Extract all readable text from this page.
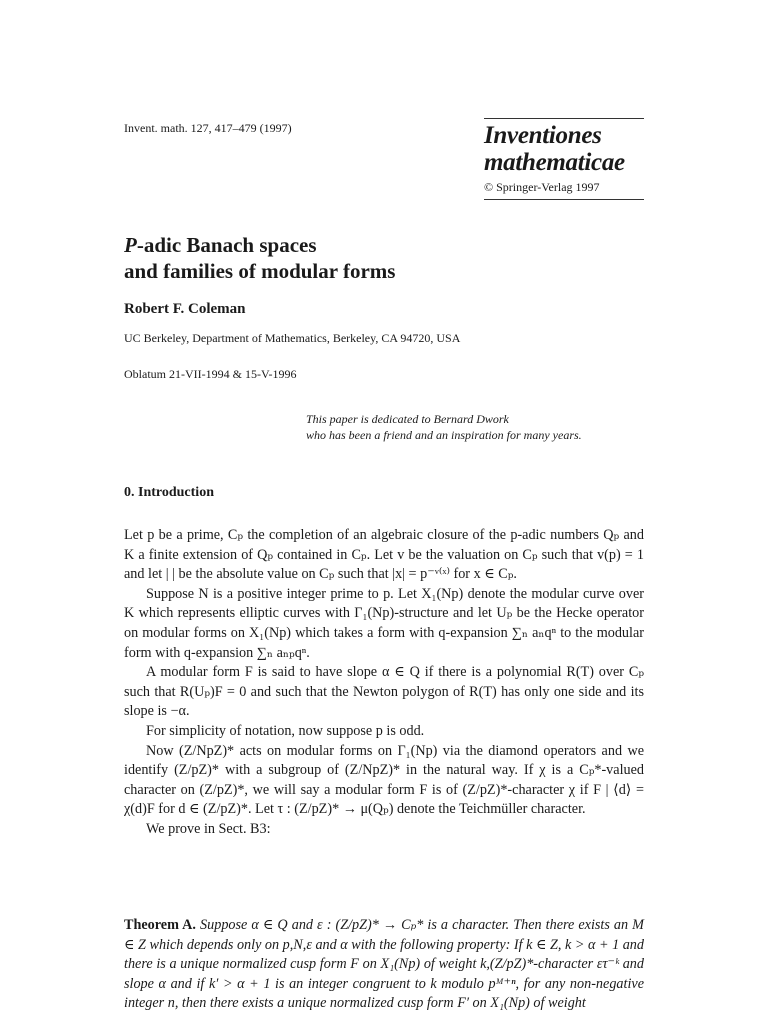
Invent. math. 127, 417–479 (1997)	Inventiones
mathematicae
© Springer-Verlag 1997
P-adic Banach spaces
and families of modular forms
Robert F. Coleman
UC Berkeley, Department of Mathematics, Berkeley, CA 94720, USA
Oblatum 21-VII-1994 & 15-V-1996
This paper is dedicated to Bernard Dwork
who has been a friend and an inspiration for many years.
0. Introduction

Let p be a prime, Cₚ the completion of an algebraic closure of the p-adic numbers Qₚ and K a finite extension of Qₚ contained in Cₚ. Let v be the valuation on Cₚ such that v(p) = 1 and let | | be the absolute value on Cₚ such that |x| = p⁻ᵛ⁽ˣ⁾ for x ∈ Cₚ.

Suppose N is a positive integer prime to p. Let X₁(Np) denote the modular curve over K which represents elliptic curves with Γ₁(Np)-structure and let Uₚ be the Hecke operator on modular forms on X₁(Np) which takes a form with q-expansion ∑ₙ aₙqⁿ to the modular form with q-expansion ∑ₙ aₙₚqⁿ.

A modular form F is said to have slope α ∈ Q if there is a polynomial R(T) over Cₚ such that R(Uₚ)F = 0 and such that the Newton polygon of R(T) has only one side and its slope is −α.

For simplicity of notation, now suppose p is odd.

Now (Z/NpZ)* acts on modular forms on Γ₁(Np) via the diamond operators and we identify (Z/pZ)* with a subgroup of (Z/NpZ)* in the natural way. If χ is a Cₚ*-valued character on (Z/pZ)*, we will say a modular form F is of (Z/pZ)*-character χ if F | ⟨d⟩ = χ(d)F for d ∈ (Z/pZ)*. Let τ : (Z/pZ)* → μ(Qₚ) denote the Teichmüller character.

We prove in Sect. B3:

Theorem A. Suppose α ∈ Q and ε : (Z/pZ)* → Cₚ* is a character. Then there exists an M ∈ Z which depends only on p,N,ε and α with the following property: If k ∈ Z, k > α + 1 and there is a unique normalized cusp form F on X₁(Np) of weight k,(Z/pZ)*-character ετ⁻ᵏ and slope α and if k′ > α + 1 is an integer congruent to k modulo pᴹ⁺ⁿ, for any non-negative integer n, then there exists a unique normalized cusp form F′ on X₁(Np) of weight
